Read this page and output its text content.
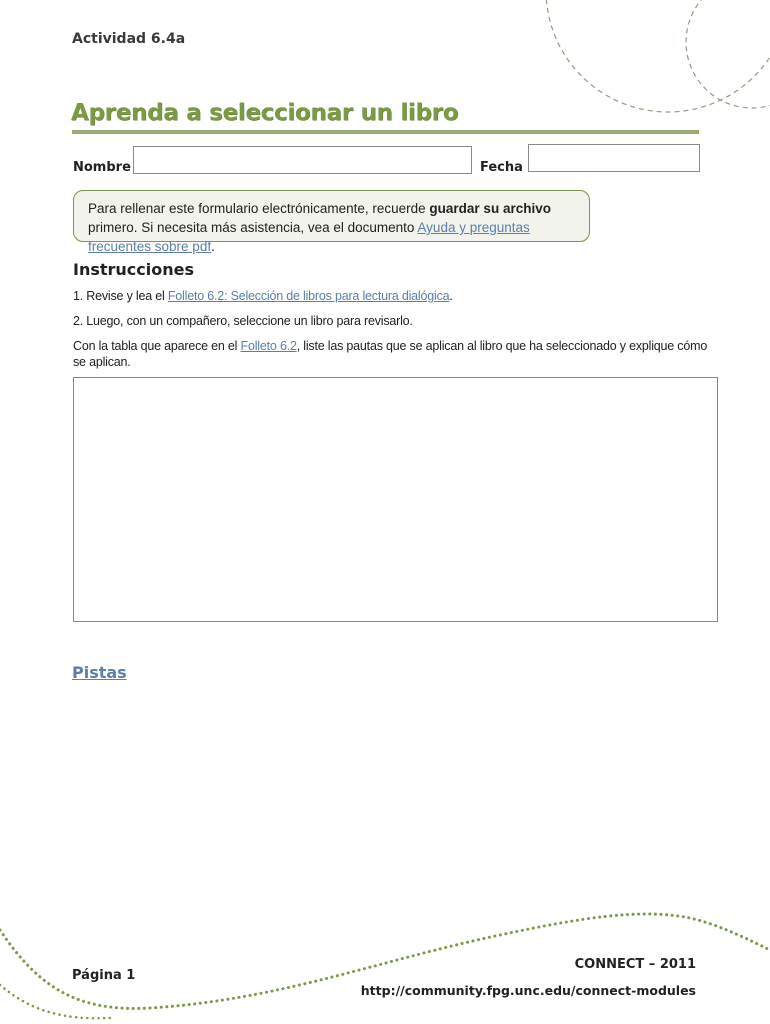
Actividad 6.4a
Aprenda a seleccionar un libro
Nombre	Fecha
Para rellenar este formulario electrónicamente, recuerde guardar su archivo primero. Si necesita más asistencia, vea el documento Ayuda y preguntas frecuentes sobre pdf.
Instrucciones
1. Revise y lea el Folleto 6.2: Selección de libros para lectura dialógica.
2. Luego, con un compañero, seleccione un libro para revisarlo.
Con la tabla que aparece en el Folleto 6.2, liste las pautas que se aplican al libro que ha seleccionado y explique cómo se aplican.
Pistas
Página 1
CONNECT – 2011
http://community.fpg.unc.edu/connect-modules
